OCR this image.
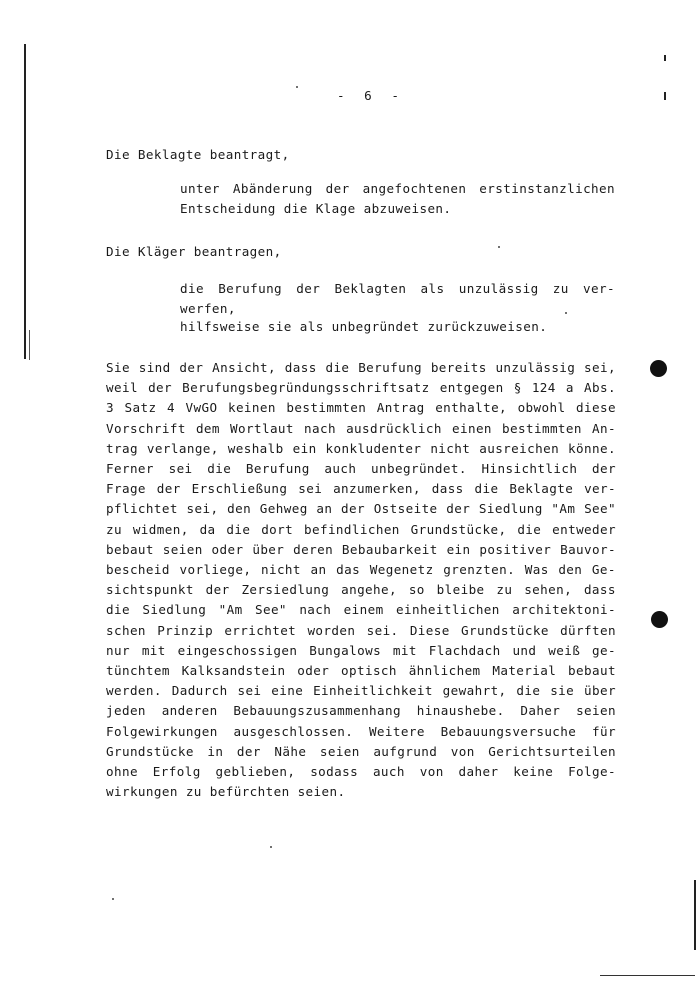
- 6 -
Die Beklagte beantragt,
unter Abänderung der angefochtenen erstinstanzlichen
Entscheidung die Klage abzuweisen.
Die Kläger beantragen,
die Berufung der Beklagten als unzulässig zu ver-
werfen,
hilfsweise sie als unbegründet zurückzuweisen.
Sie sind der Ansicht, dass die Berufung bereits unzulässig sei,
weil der Berufungsbegründungsschriftsatz entgegen § 124 a Abs.
3 Satz 4 VwGO keinen bestimmten Antrag enthalte, obwohl diese
Vorschrift dem Wortlaut nach ausdrücklich einen bestimmten An-
trag verlange, weshalb ein konkludenter nicht ausreichen könne.
Ferner sei die Berufung auch unbegründet. Hinsichtlich der
Frage der Erschließung sei anzumerken, dass die Beklagte ver-
pflichtet sei, den Gehweg an der Ostseite der Siedlung "Am See"
zu widmen, da die dort befindlichen Grundstücke, die entweder
bebaut seien oder über deren Bebaubarkeit ein positiver Bauvor-
bescheid vorliege, nicht an das Wegenetz grenzten. Was den Ge-
sichtspunkt der Zersiedlung angehe, so bleibe zu sehen, dass
die Siedlung "Am See" nach einem einheitlichen architektoni-
schen Prinzip errichtet worden sei. Diese Grundstücke dürften
nur mit eingeschossigen Bungalows mit Flachdach und weiß ge-
tünchtem Kalksandstein oder optisch ähnlichem Material bebaut
werden. Dadurch sei eine Einheitlichkeit gewahrt, die sie über
jeden anderen Bebauungszusammenhang hinaushebe. Daher seien
Folgewirkungen ausgeschlossen. Weitere Bebauungsversuche für
Grundstücke in der Nähe seien aufgrund von Gerichtsurteilen
ohne Erfolg geblieben, sodass auch von daher keine Folge-
wirkungen zu befürchten seien.
